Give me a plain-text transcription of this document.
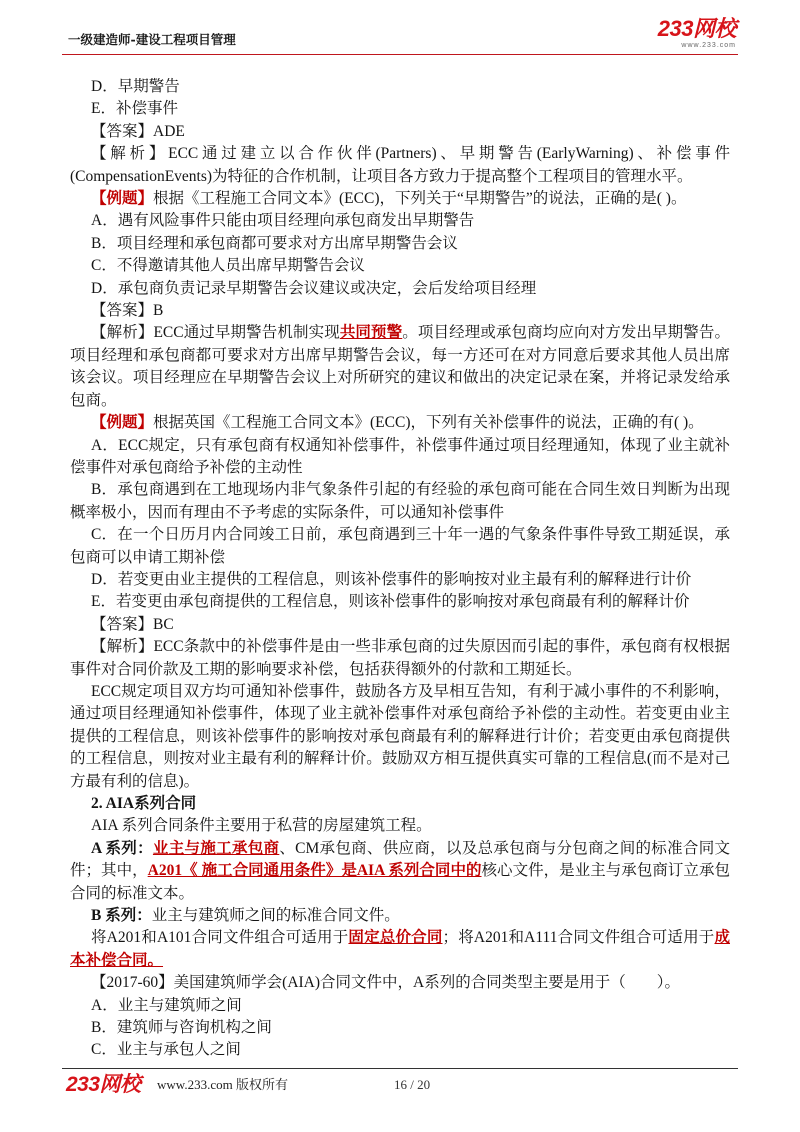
一级建造师-建设工程项目管理	233网校
www.233.com

D．早期警告

E．补偿事件

【答案】ADE

【解析】ECC通过建立以合作伙伴(Partners)、早期警告(EarlyWarning)、补偿事件(CompensationEvents)为特征的合作机制，让项目各方致力于提高整个工程项目的管理水平。

【例题】根据《工程施工合同文本》(ECC)，下列关于“早期警告”的说法，正确的是( )。

A．遇有风险事件只能由项目经理向承包商发出早期警告

B．项目经理和承包商都可要求对方出席早期警告会议

C．不得邀请其他人员出席早期警告会议

D．承包商负责记录早期警告会议建议或决定，会后发给项目经理

【答案】B

【解析】ECC通过早期警告机制实现共同预警。项目经理或承包商均应向对方发出早期警告。项目经理和承包商都可要求对方出席早期警告会议，每一方还可在对方同意后要求其他人员出席该会议。项目经理应在早期警告会议上对所研究的建议和做出的决定记录在案，并将记录发给承包商。

【例题】根据英国《工程施工合同文本》(ECC)，下列有关补偿事件的说法，正确的有( )。

A．ECC规定，只有承包商有权通知补偿事件，补偿事件通过项目经理通知，体现了业主就补偿事件对承包商给予补偿的主动性

B．承包商遇到在工地现场内非气象条件引起的有经验的承包商可能在合同生效日判断为出现概率极小，因而有理由不予考虑的实际条件，可以通知补偿事件

C．在一个日历月内合同竣工日前，承包商遇到三十年一遇的气象条件事件导致工期延误，承包商可以申请工期补偿

D．若变更由业主提供的工程信息，则该补偿事件的影响按对业主最有利的解释进行计价

E．若变更由承包商提供的工程信息，则该补偿事件的影响按对承包商最有利的解释计价

【答案】BC

【解析】ECC条款中的补偿事件是由一些非承包商的过失原因而引起的事件，承包商有权根据事件对合同价款及工期的影响要求补偿，包括获得额外的付款和工期延长。

ECC规定项目双方均可通知补偿事件，鼓励各方及早相互告知，有利于减小事件的不利影响，通过项目经理通知补偿事件，体现了业主就补偿事件对承包商给予补偿的主动性。若变更由业主提供的工程信息，则该补偿事件的影响按对承包商最有利的解释进行计价；若变更由承包商提供的工程信息，则按对业主最有利的解释计价。鼓励双方相互提供真实可靠的工程信息(而不是对己方最有利的信息)。

2. AIA系列合同

AIA 系列合同条件主要用于私营的房屋建筑工程。

A 系列：业主与施工承包商、CM承包商、供应商，以及总承包商与分包商之间的标准合同文件；其中，A201《 施工合同通用条件》是AIA 系列合同中的核心文件，是业主与承包商订立承包合同的标准文本。

B 系列：业主与建筑师之间的标准合同文件。

将A201和A101合同文件组合可适用于固定总价合同；将A201和A111合同文件组合可适用于成本补偿合同。

【2017-60】美国建筑师学会(AIA)合同文件中，A系列的合同类型主要是用于（　　）。

A．业主与建筑师之间

B．建筑师与咨询机构之间

C．业主与承包人之间

233网校 www.233.com 版权所有	16 / 20
